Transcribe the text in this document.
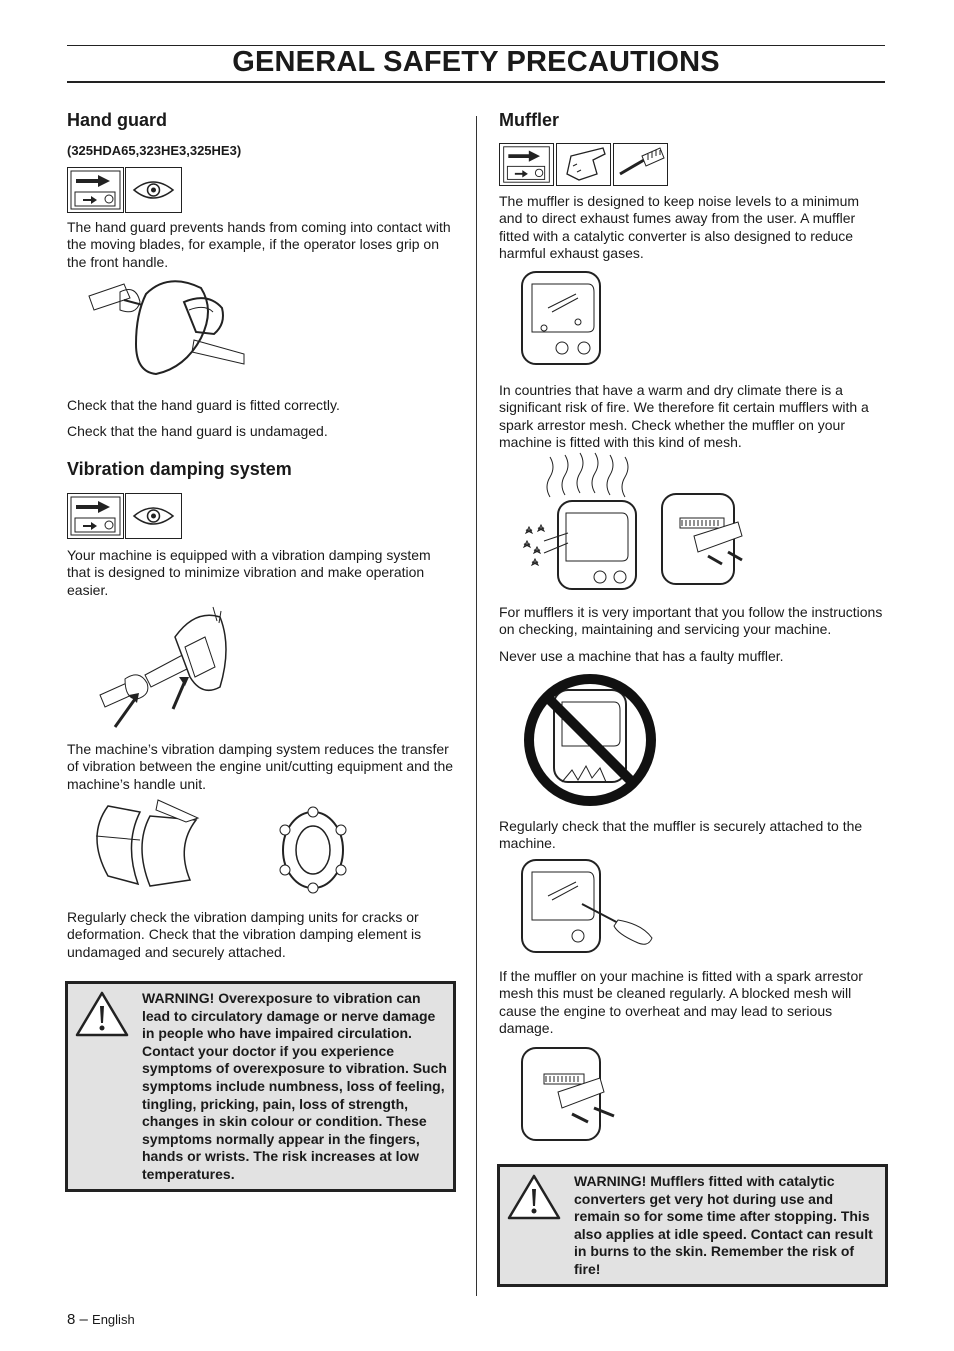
GENERAL SAFETY PRECAUTIONS
Hand guard
(325HDA65,323HE3,325HE3)

The hand guard prevents hands from coming into contact with the moving blades, for example, if the operator loses grip on the front handle.

Check that the hand guard is fitted correctly.

Check that the hand guard is undamaged.

Vibration damping system

Your machine is equipped with a vibration damping system that is designed to minimize vibration and make operation easier.

The machine’s vibration damping system reduces the transfer of vibration between the engine unit/cutting equipment and the machine’s handle unit.

Regularly check the vibration damping units for cracks or deformation. Check that the vibration damping element is undamaged and securely attached.

WARNING! Overexposure to vibration can lead to circulatory damage or nerve damage in people who have impaired circulation. Contact your doctor if you experience symptoms of overexposure to vibration. Such symptoms include numbness, loss of feeling, tingling, pricking, pain, loss of strength, changes in skin colour or condition. These symptoms normally appear in the fingers, hands or wrists. The risk increases at low temperatures.
Muffler

The muffler is designed to keep noise levels to a minimum and to direct exhaust fumes away from the user. A muffler fitted with a catalytic converter is also designed to reduce harmful exhaust gases.

In countries that have a warm and dry climate there is a significant risk of fire. We therefore fit certain mufflers with a spark arrestor mesh. Check whether the muffler on your machine is fitted with this kind of mesh.

For mufflers it is very important that you follow the instructions on checking, maintaining and servicing your machine.

Never use a machine that has a faulty muffler.

Regularly check that the muffler is securely attached to the machine.

If the muffler on your machine is fitted with a spark arrestor mesh this must be cleaned regularly. A blocked mesh will cause the engine to overheat and may lead to serious damage.

WARNING! Mufflers fitted with catalytic converters get very hot during use and remain so for some time after stopping. This also applies at idle speed. Contact can result in burns to the skin. Remember the risk of fire!
8 – English
